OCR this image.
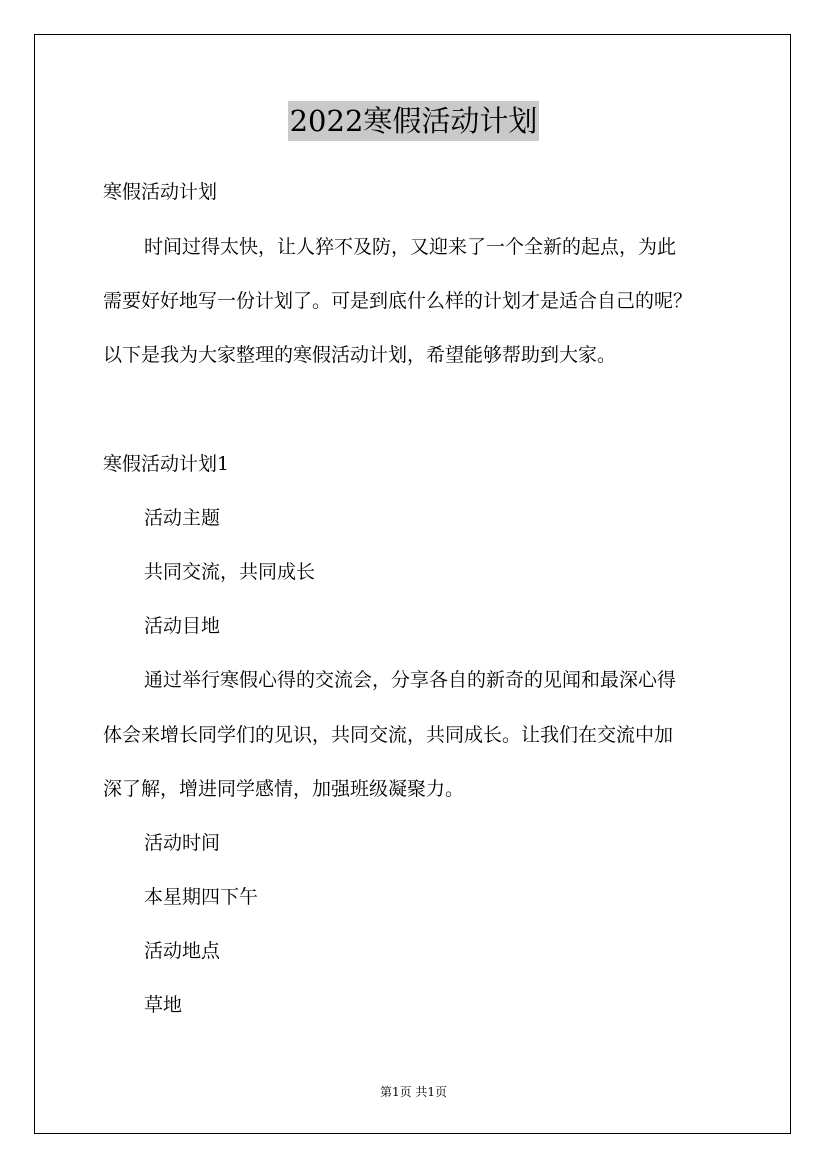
2022寒假活动计划
寒假活动计划
时间过得太快，让人猝不及防，又迎来了一个全新的起点，为此
需要好好地写一份计划了。可是到底什么样的计划才是适合自己的呢？
以下是我为大家整理的寒假活动计划，希望能够帮助到大家。
寒假活动计划1
活动主题
共同交流，共同成长
活动目地
通过举行寒假心得的交流会，分享各自的新奇的见闻和最深心得
体会来增长同学们的见识，共同交流，共同成长。让我们在交流中加
深了解，增进同学感情，加强班级凝聚力。
活动时间
本星期四下午
活动地点
草地
第1页 共1页
